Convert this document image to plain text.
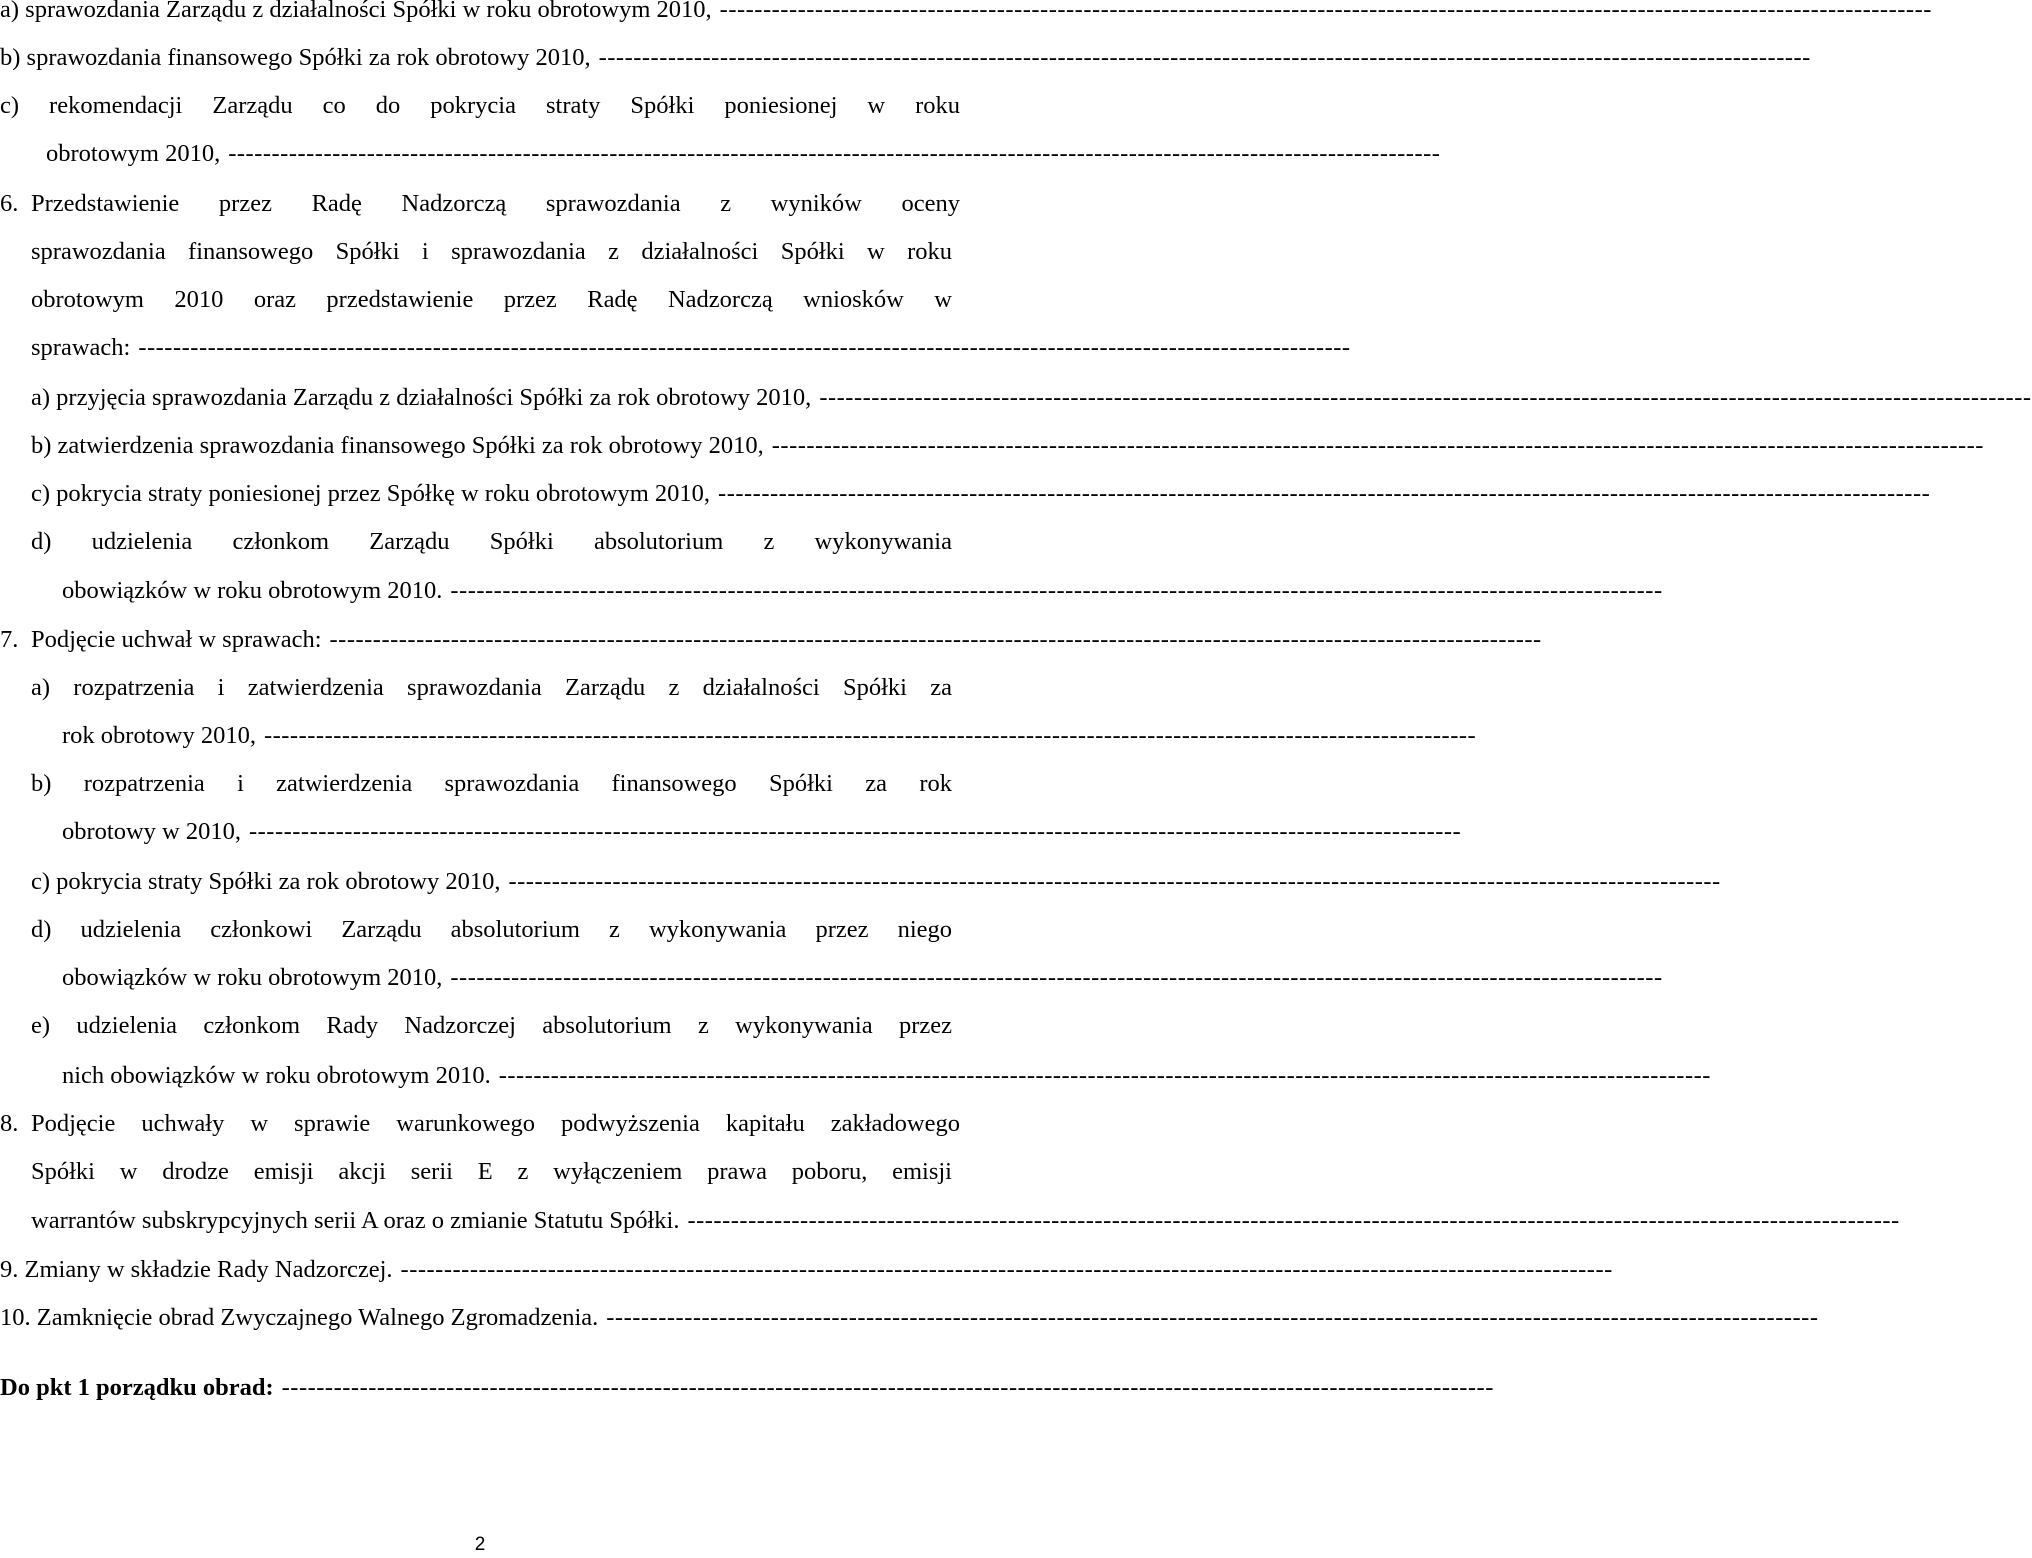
a) sprawozdania Zarządu z działalności Spółki w roku obrotowym 2010, --------------------------------------------------------------------------------------------------------------------------------------------
b) sprawozdania finansowego Spółki za rok obrotowy 2010, --------------------------------------------------------------------------------------------------------------------------------------------
c) rekomendacji Zarządu co do pokrycia straty Spółki poniesionej w roku
obrotowym 2010, --------------------------------------------------------------------------------------------------------------------------------------------
6. Przedstawienie przez Radę Nadzorczą sprawozdania z wyników oceny
sprawozdania finansowego Spółki i sprawozdania z działalności Spółki w roku
obrotowym 2010 oraz przedstawienie przez Radę Nadzorczą wniosków w
sprawach: --------------------------------------------------------------------------------------------------------------------------------------------
a) przyjęcia sprawozdania Zarządu z działalności Spółki za rok obrotowy 2010, --------------------------------------------------------------------------------------------------------------------------------------------
b) zatwierdzenia sprawozdania finansowego Spółki za rok obrotowy 2010, --------------------------------------------------------------------------------------------------------------------------------------------
c) pokrycia straty poniesionej przez Spółkę w roku obrotowym 2010, --------------------------------------------------------------------------------------------------------------------------------------------
d) udzielenia członkom Zarządu Spółki absolutorium z wykonywania
obowiązków w roku obrotowym 2010. --------------------------------------------------------------------------------------------------------------------------------------------
7. Podjęcie uchwał w sprawach: --------------------------------------------------------------------------------------------------------------------------------------------
a) rozpatrzenia i zatwierdzenia sprawozdania Zarządu z działalności Spółki za
rok obrotowy 2010, --------------------------------------------------------------------------------------------------------------------------------------------
b) rozpatrzenia i zatwierdzenia sprawozdania finansowego Spółki za rok
obrotowy w 2010, --------------------------------------------------------------------------------------------------------------------------------------------
c) pokrycia straty Spółki za rok obrotowy 2010, --------------------------------------------------------------------------------------------------------------------------------------------
d) udzielenia członkowi Zarządu absolutorium z wykonywania przez niego
obowiązków w roku obrotowym 2010, --------------------------------------------------------------------------------------------------------------------------------------------
e) udzielenia członkom Rady Nadzorczej absolutorium z wykonywania przez
nich obowiązków w roku obrotowym 2010. --------------------------------------------------------------------------------------------------------------------------------------------
8. Podjęcie uchwały w sprawie warunkowego podwyższenia kapitału zakładowego
Spółki w drodze emisji akcji serii E z wyłączeniem prawa poboru, emisji
warrantów subskrypcyjnych serii A oraz o zmianie Statutu Spółki. --------------------------------------------------------------------------------------------------------------------------------------------
9. Zmiany w składzie Rady Nadzorczej. --------------------------------------------------------------------------------------------------------------------------------------------
10. Zamknięcie obrad Zwyczajnego Walnego Zgromadzenia. --------------------------------------------------------------------------------------------------------------------------------------------
Do pkt 1 porządku obrad: --------------------------------------------------------------------------------------------------------------------------------------------
2
